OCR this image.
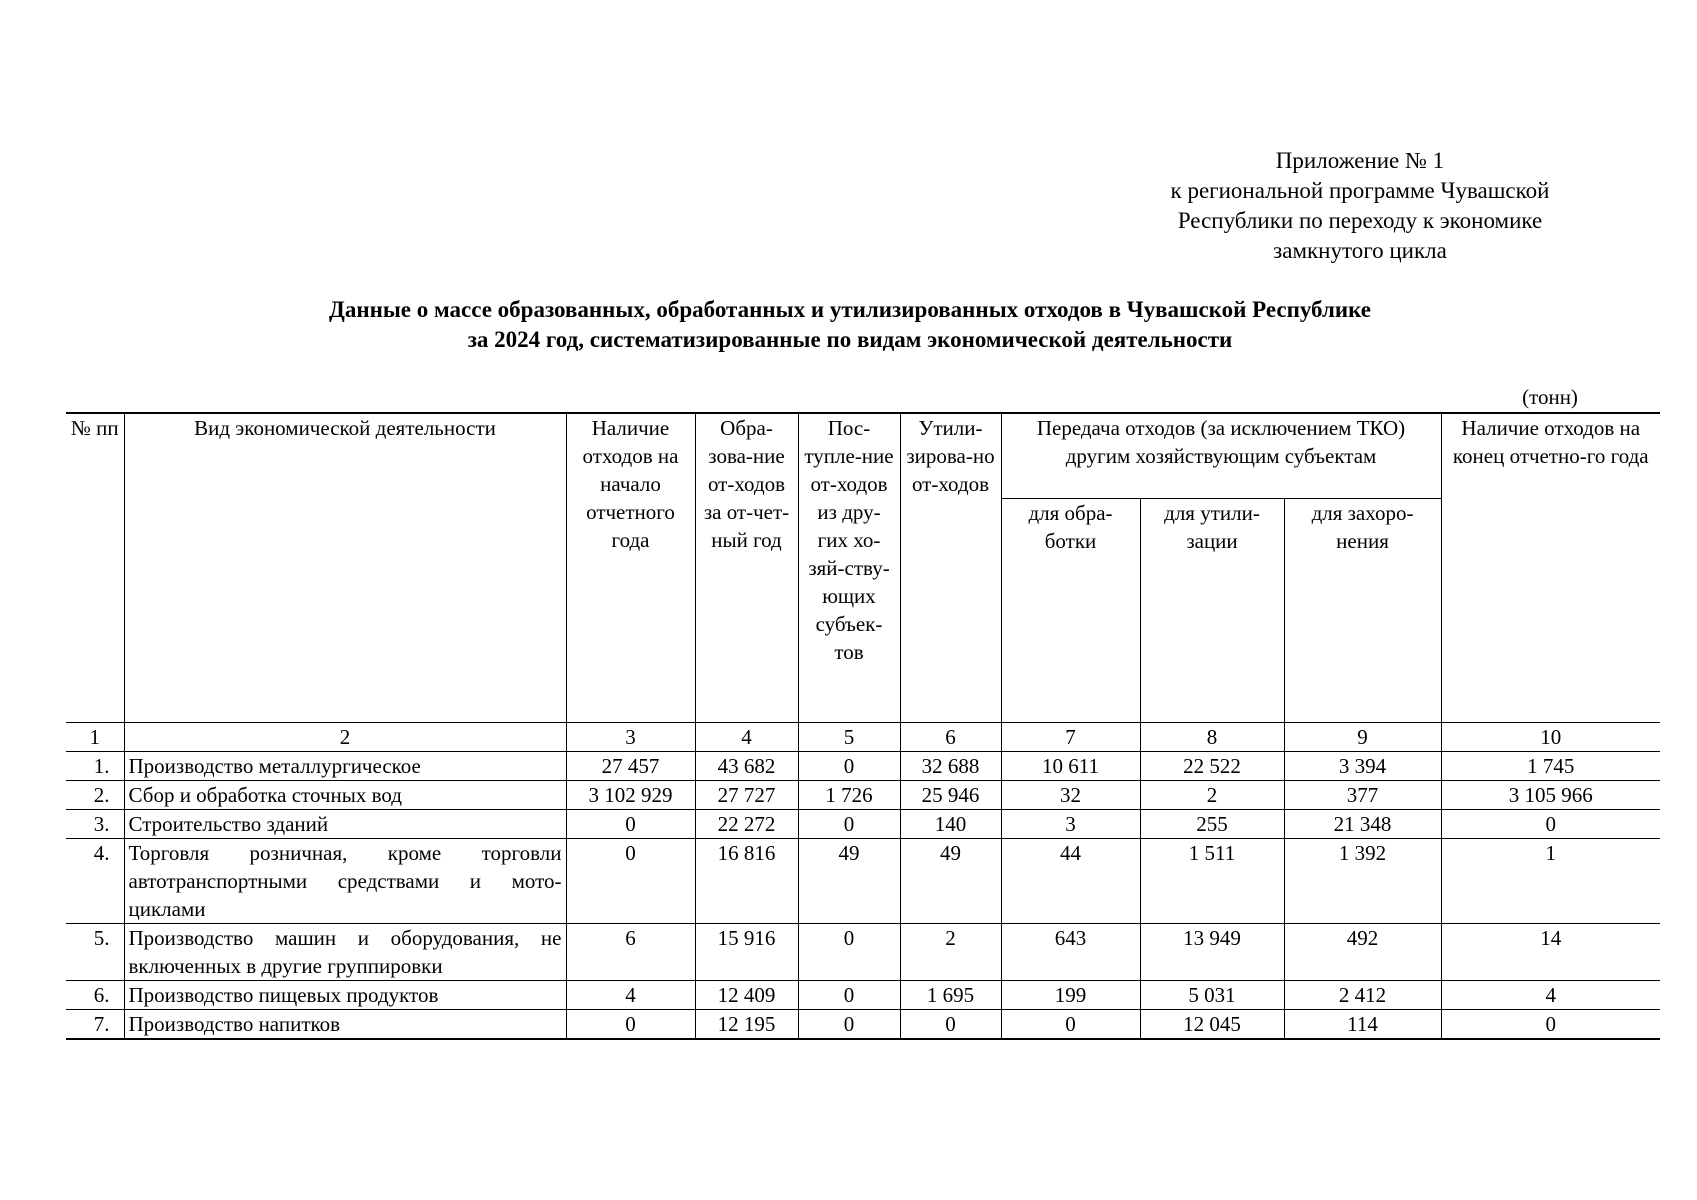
Приложение № 1
к региональной программе Чувашской
Республики по переходу к экономике
замкнутого цикла
Данные о массе образованных, обработанных и утилизированных отходов в Чувашской Республике
за 2024 год, систематизированные по видам экономической деятельности
(тонн)
№ пп	Вид экономической деятельности	Наличие отходов на начало отчетного года	Обра-зова-ние от-ходов за от-чет-ный год	Пос-тупле-ние от-ходов из дру-гих хо-зяй-ству-ющих субъек-тов	Утили-зирова-но от-ходов	Передача отходов (за исключением ТКО) другим хозяйствующим субъектам			Наличие отходов на конец отчетно-го года
						для обра-ботки	для утили-зации	для захоро-нения	
1	2	3	4	5	6	7	8	9	10
1.	Производство металлургическое	27 457	43 682	0	32 688	10 611	22 522	3 394	1 745
2.	Сбор и обработка сточных вод	3 102 929	27 727	1 726	25 946	32	2	377	3 105 966
3.	Строительство зданий	0	22 272	0	140	3	255	21 348	0
4.	Торговля розничная, кроме торговли автотранспортными средствами и мото-циклами	0	16 816	49	49	44	1 511	1 392	1
5.	Производство машин и оборудования, не включенных в другие группировки	6	15 916	0	2	643	13 949	492	14
6.	Производство пищевых продуктов	4	12 409	0	1 695	199	5 031	2 412	4
7.	Производство напитков	0	12 195	0	0	0	12 045	114	0
